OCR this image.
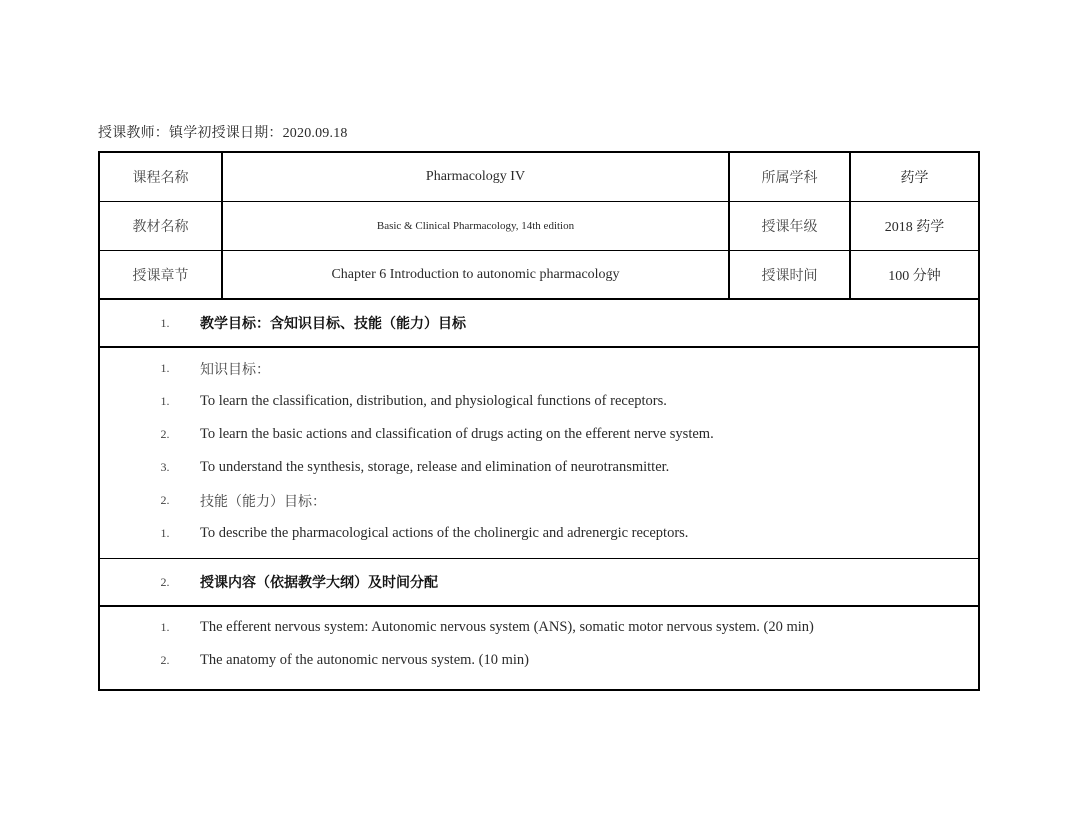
授课教师：镇学初授课日期：2020.09.18
课程名称	Pharmacology IV	所属学科	药学
教材名称	Basic & Clinical Pharmacology, 14th edition	授课年级	2018 药学
授课章节	Chapter 6 Introduction to autonomic pharmacology	授课时间	100 分钟
1.	教学目标：含知识目标、技能（能力）目标
1.	知识目标：
1.	To learn the classification, distribution, and physiological functions of receptors.
2.	To learn the basic actions and classification of drugs acting on the efferent nerve system.
3.	To understand the synthesis, storage, release and elimination of neurotransmitter.
2.	技能（能力）目标：
1.	To describe the pharmacological actions of the cholinergic and adrenergic receptors.
2.	授课内容（依据教学大纲）及时间分配
1.	The efferent nervous system: Autonomic nervous system (ANS), somatic motor nervous system. (20 min)
2.	The anatomy of the autonomic nervous system. (10 min)
